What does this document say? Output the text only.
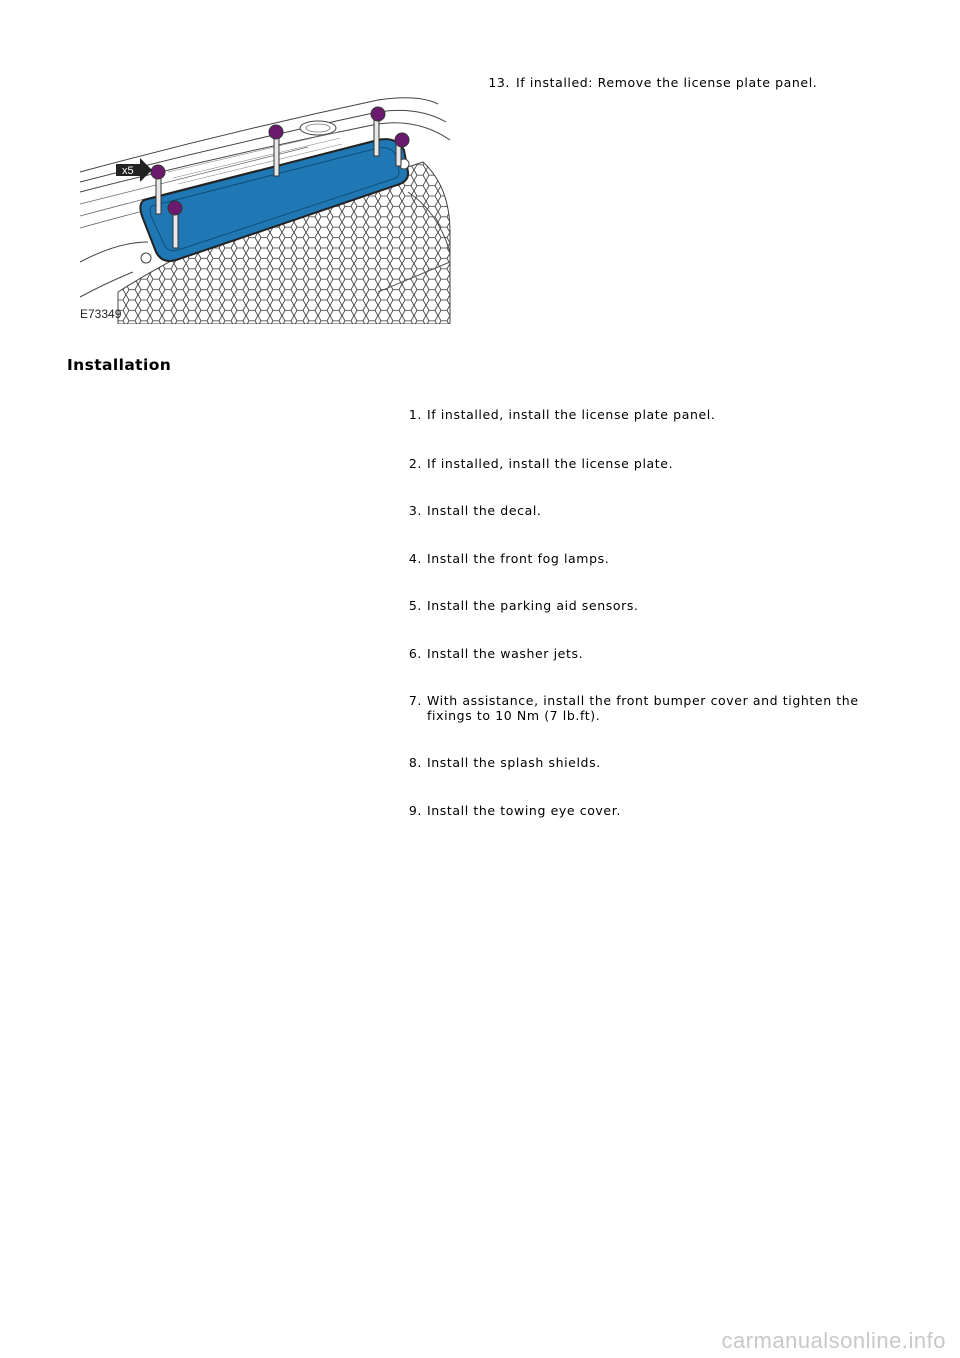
13. If installed: Remove the license plate panel.
x5
E73349
Installation
1. If installed, install the license plate panel.
2. If installed, install the license plate.
3. Install the decal.
4. Install the front fog lamps.
5. Install the parking aid sensors.
6. Install the washer jets.
7. With assistance, install the front bumper cover and tighten the fixings to 10 Nm (7 lb.ft).
8. Install the splash shields.
9. Install the towing eye cover.
carmanualsonline.info
